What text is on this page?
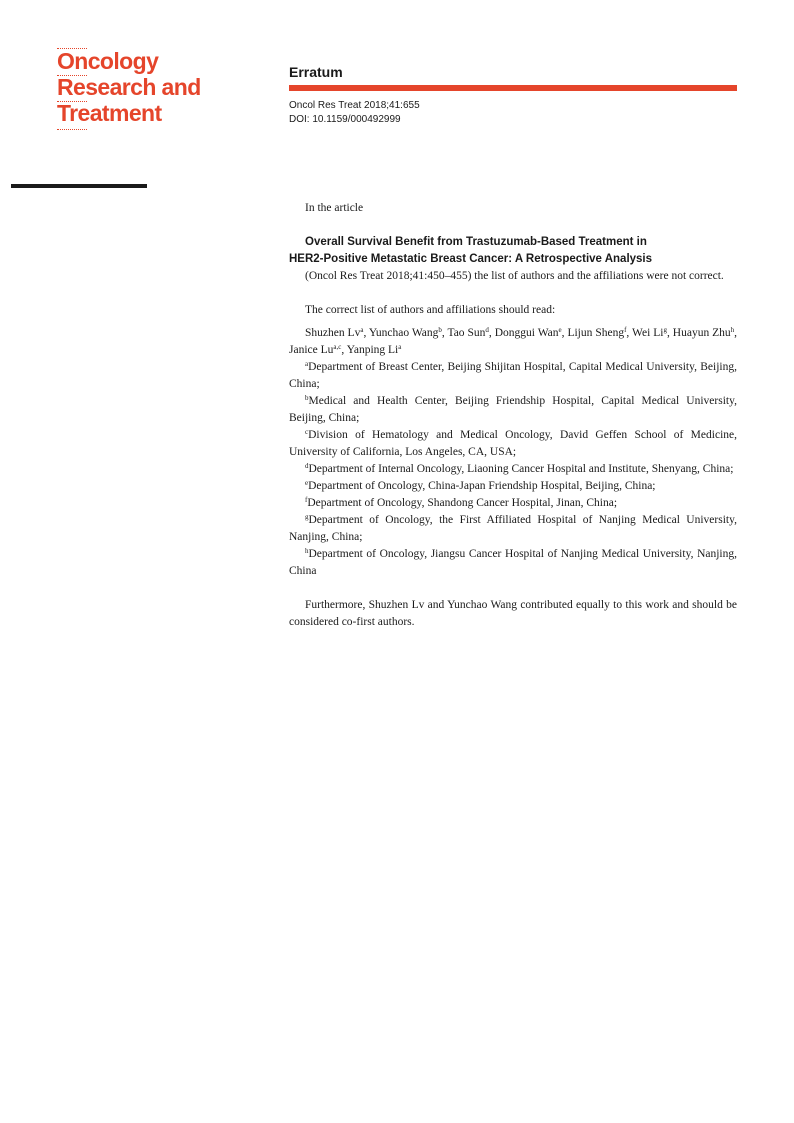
Oncology
Research and
Treatment
Erratum
Oncol Res Treat 2018;41:655
DOI: 10.1159/000492999

In the article

Overall Survival Benefit from Trastuzumab-Based Treatment in
HER2-Positive Metastatic Breast Cancer: A Retrospective Analysis

(Oncol Res Treat 2018;41:450–455) the list of authors and the affiliations were not correct.

The correct list of authors and affiliations should read:

Shuzhen Lv$^a$, Yunchao Wang$^b$, Tao Sun$^d$, Donggui Wan$^e$, Lijun Sheng$^f$, Wei Li$^g$, Huayun Zhu$^h$, Janice Lu$^{a,c}$, Yanping Li$^a$

$^a$Department of Breast Center, Beijing Shijitan Hospital, Capital Medical University, Beijing, China;

$^b$Medical and Health Center, Beijing Friendship Hospital, Capital Medical University, Beijing, China;

$^c$Division of Hematology and Medical Oncology, David Geffen School of Medicine, University of California, Los Angeles, CA, USA;

$^d$Department of Internal Oncology, Liaoning Cancer Hospital and Institute, Shenyang, China;

$^e$Department of Oncology, China-Japan Friendship Hospital, Beijing, China;

$^f$Department of Oncology, Shandong Cancer Hospital, Jinan, China;

$^g$Department of Oncology, the First Affiliated Hospital of Nanjing Medical University, Nanjing, China;

$^h$Department of Oncology, Jiangsu Cancer Hospital of Nanjing Medical University, Nanjing, China

Furthermore, Shuzhen Lv and Yunchao Wang contributed equally to this work and should be considered co-first authors.
